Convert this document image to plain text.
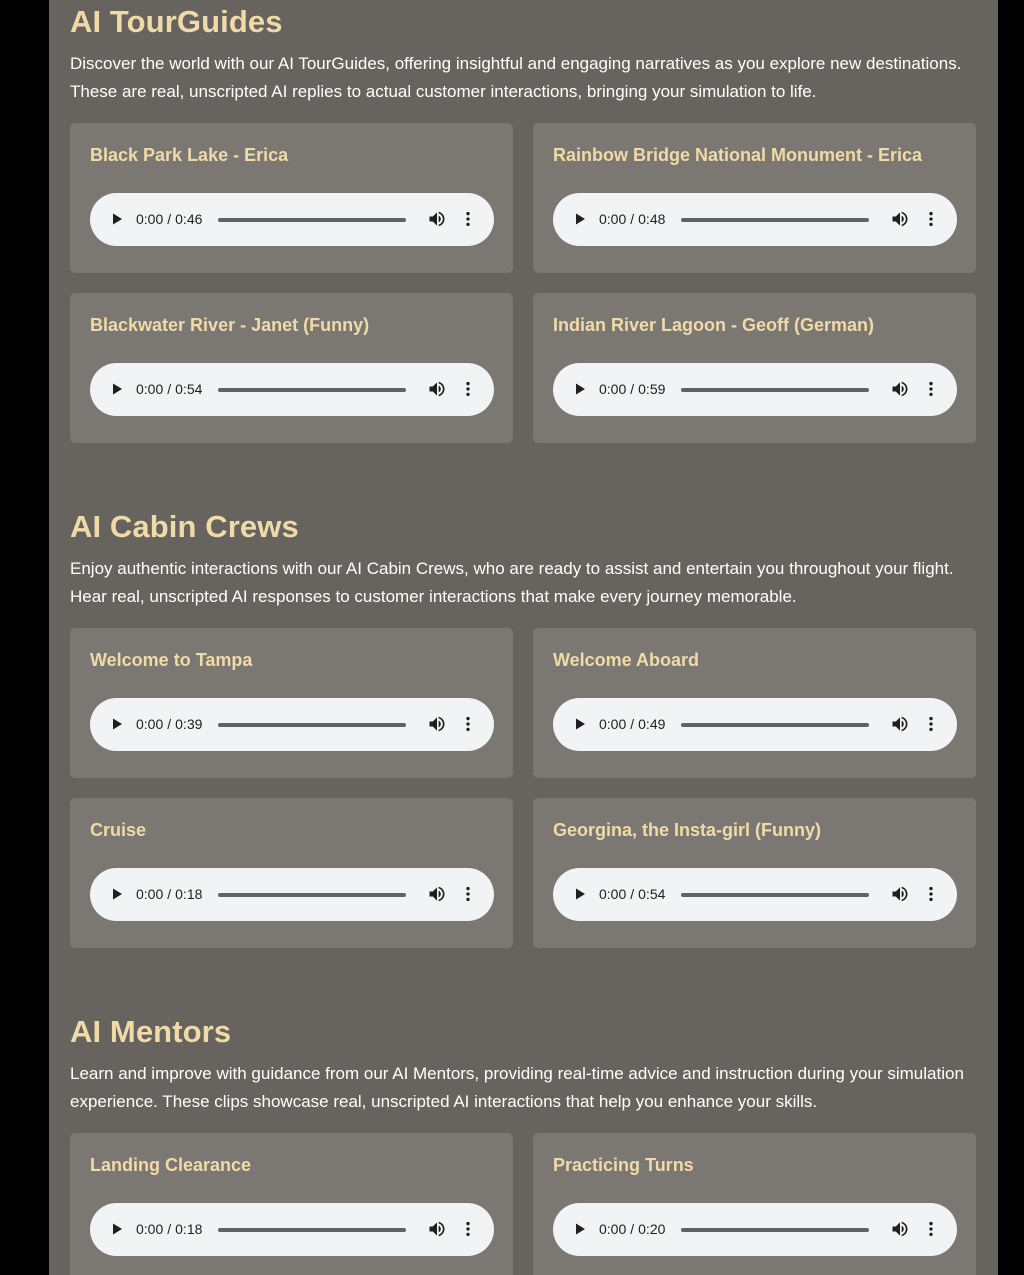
AI TourGuides

Discover the world with our AI TourGuides, offering insightful and engaging narratives as you explore new destinations. These are real, unscripted AI replies to actual customer interactions, bringing your simulation to life.

Black Park Lake - Erica
0:00 / 0:46
Rainbow Bridge National Monument - Erica
0:00 / 0:48
Blackwater River - Janet (Funny)
0:00 / 0:54
Indian River Lagoon - Geoff (German)
0:00 / 0:59
AI Cabin Crews

Enjoy authentic interactions with our AI Cabin Crews, who are ready to assist and entertain you throughout your flight. Hear real, unscripted AI responses to customer interactions that make every journey memorable.

Welcome to Tampa
0:00 / 0:39
Welcome Aboard
0:00 / 0:49
Cruise
0:00 / 0:18
Georgina, the Insta-girl (Funny)
0:00 / 0:54
AI Mentors

Learn and improve with guidance from our AI Mentors, providing real-time advice and instruction during your simulation experience. These clips showcase real, unscripted AI interactions that help you enhance your skills.

Landing Clearance
0:00 / 0:18
Practicing Turns
0:00 / 0:20
